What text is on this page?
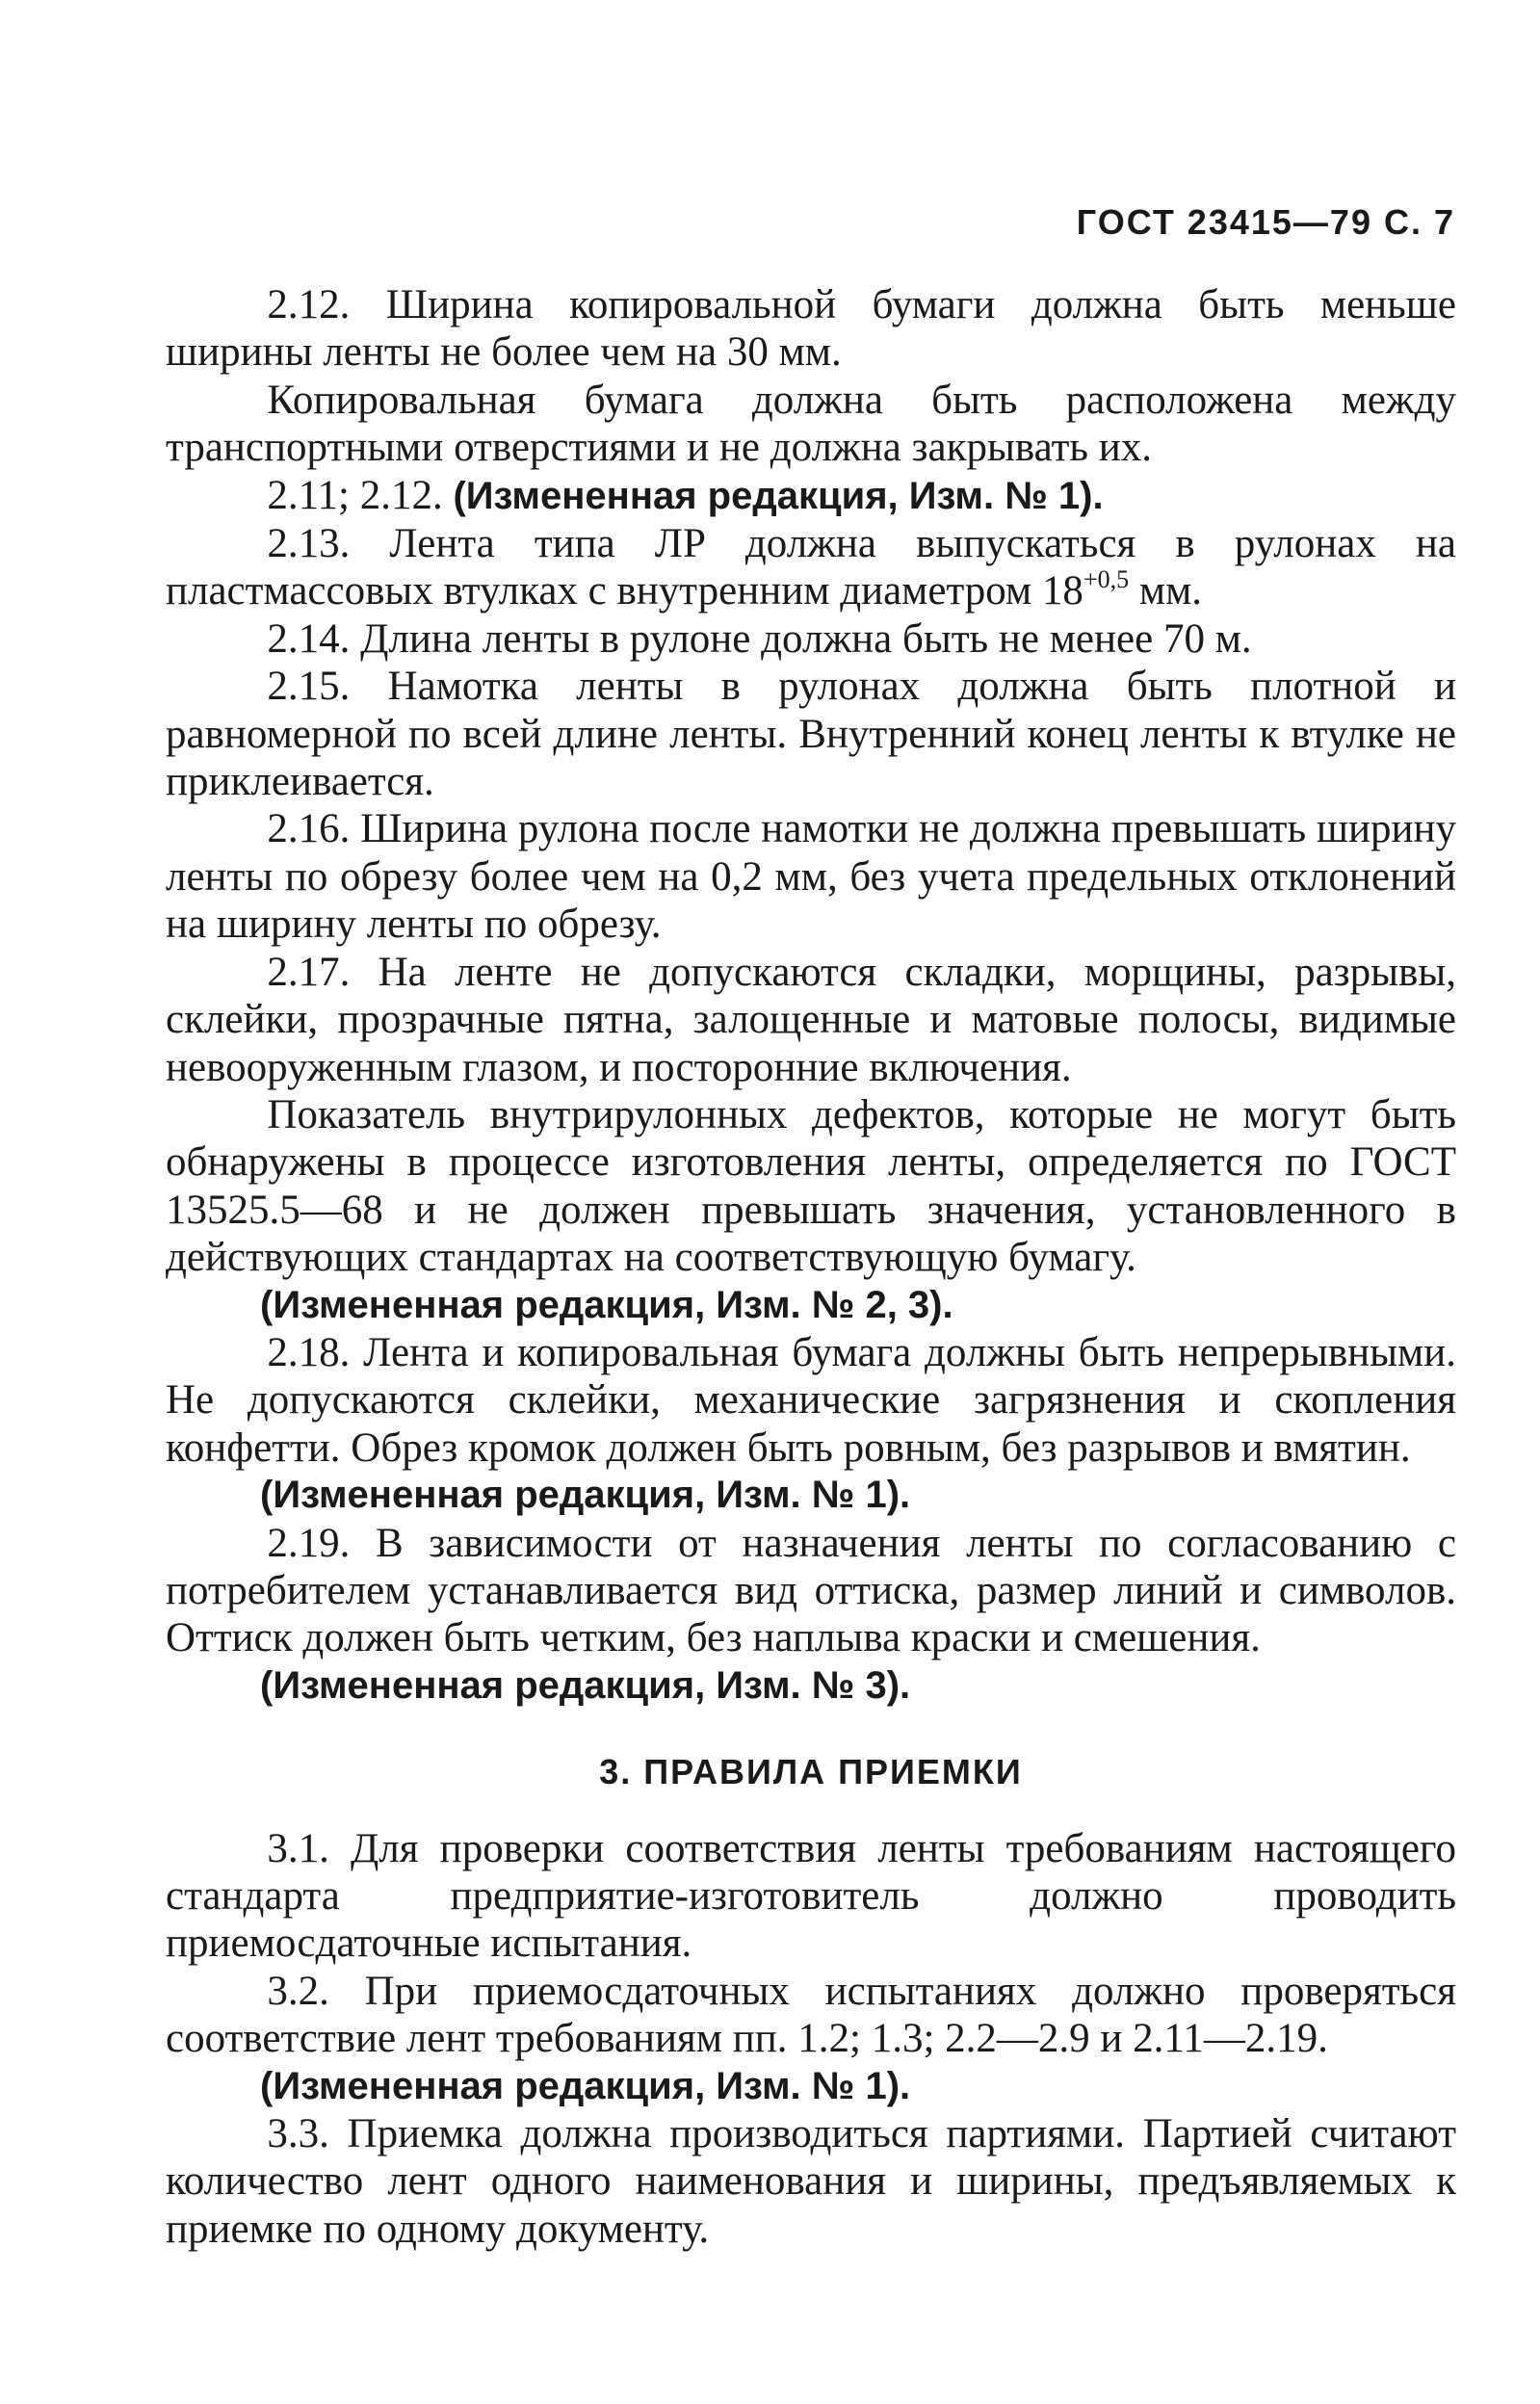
ГОСТ 23415—79 С. 7

2.12. Ширина копировальной бумаги должна быть меньше ширины ленты не более чем на 30 мм.

Копировальная бумага должна быть расположена между транспортными отверстиями и не должна закрывать их.

2.11; 2.12. (Измененная редакция, Изм. № 1).

2.13. Лента типа ЛР должна выпускаться в рулонах на пластмассовых втулках с внутренним диаметром $18^{+0,5}$ мм.

2.14. Длина ленты в рулоне должна быть не менее 70 м.

2.15. Намотка ленты в рулонах должна быть плотной и равномерной по всей длине ленты. Внутренний конец ленты к втулке не приклеивается.

2.16. Ширина рулона после намотки не должна превышать ширину ленты по обрезу более чем на 0,2 мм, без учета предельных отклонений на ширину ленты по обрезу.

2.17. На ленте не допускаются складки, морщины, разрывы, склейки, прозрачные пятна, залощенные и матовые полосы, видимые невооруженным глазом, и посторонние включения.

Показатель внутрирулонных дефектов, которые не могут быть обнаружены в процессе изготовления ленты, определяется по ГОСТ 13525.5—68 и не должен превышать значения, установленного в действующих стандартах на соответствующую бумагу.

(Измененная редакция, Изм. № 2, 3).

2.18. Лента и копировальная бумага должны быть непрерывными. Не допускаются склейки, механические загрязнения и скопления конфетти. Обрез кромок должен быть ровным, без разрывов и вмятин.

(Измененная редакция, Изм. № 1).

2.19. В зависимости от назначения ленты по согласованию с потребителем устанавливается вид оттиска, размер линий и символов. Оттиск должен быть четким, без наплыва краски и смешения.

(Измененная редакция, Изм. № 3).

3. ПРАВИЛА ПРИЕМКИ

3.1. Для проверки соответствия ленты требованиям настоящего стандарта предприятие-изготовитель должно проводить приемосдаточные испытания.

3.2. При приемосдаточных испытаниях должно проверяться соответствие лент требованиям пп. 1.2; 1.3; 2.2—2.9 и 2.11—2.19.

(Измененная редакция, Изм. № 1).

3.3. Приемка должна производиться партиями. Партией считают количество лент одного наименования и ширины, предъявляемых к приемке по одному документу.
